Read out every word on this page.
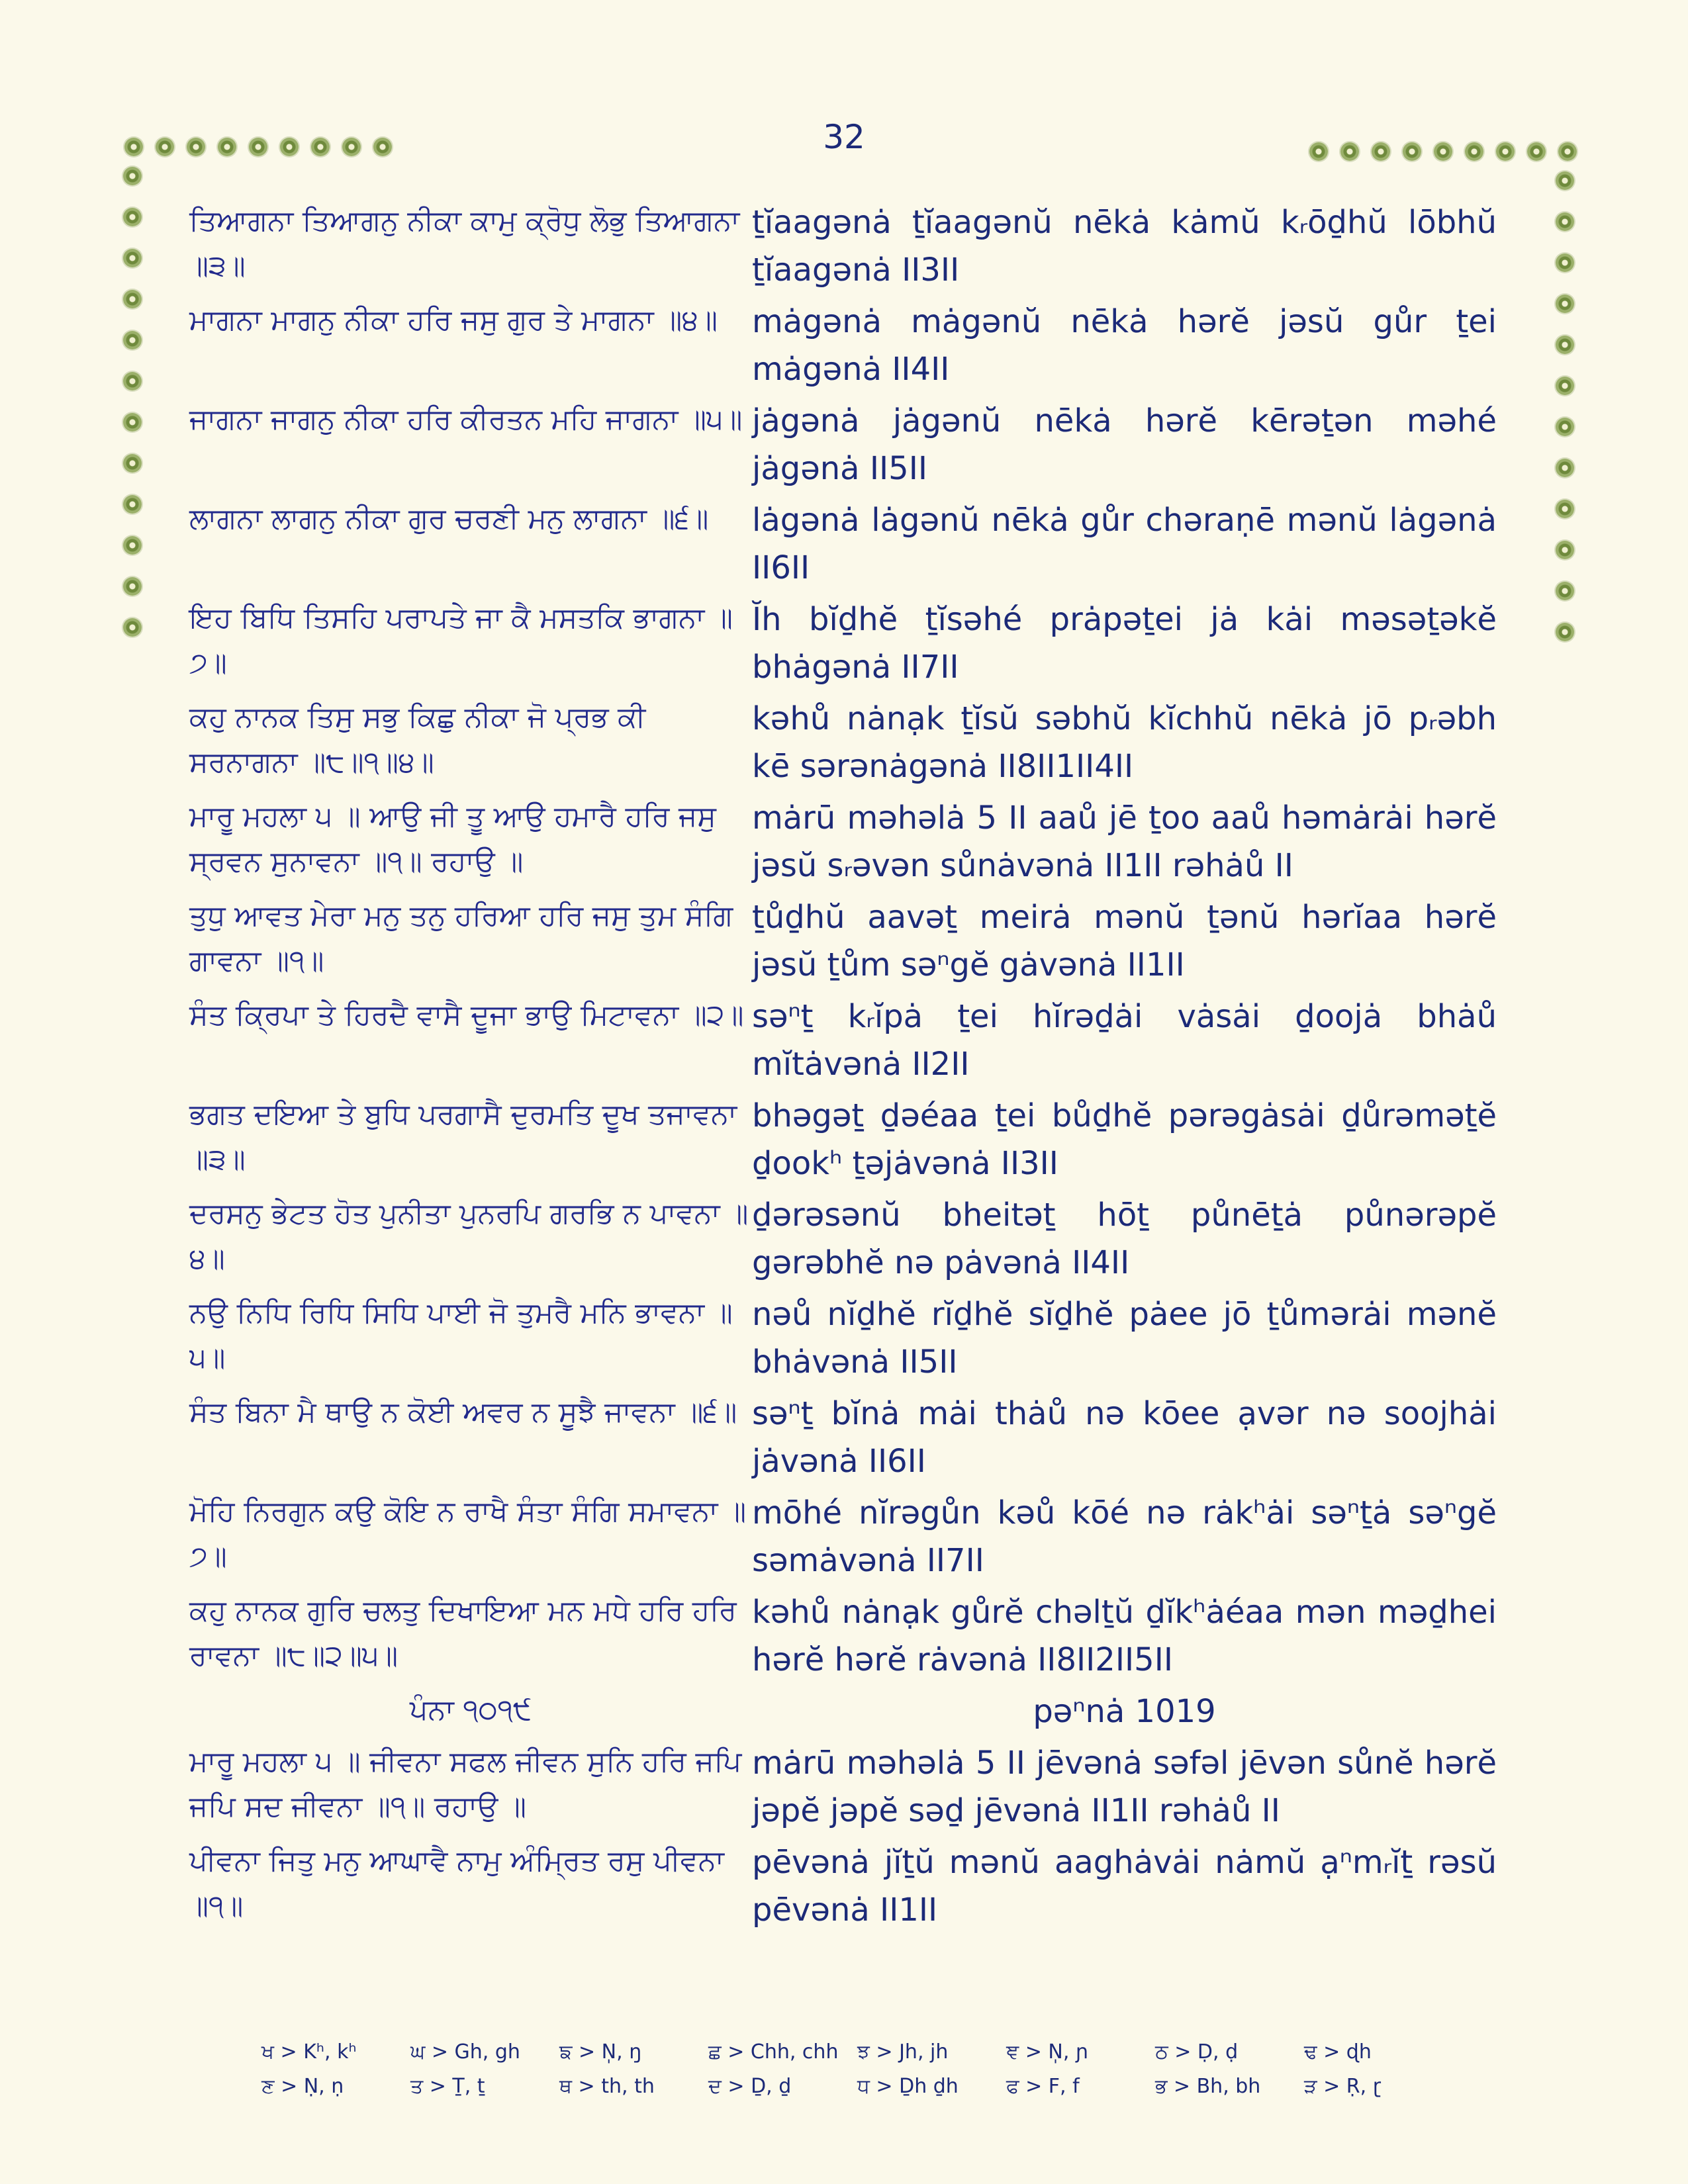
32
ਤਿਆਗਨਾ ਤਿਆਗਨੁ ਨੀਕਾ ਕਾਮੁ ਕ੍ਰੋਧੁ ਲੋਭੁ ਤਿਆਗਨਾ ॥੩॥
ṯĭaagənȧ ṯĭaagənŭ nēkȧ kȧmŭ kᵣōḏhŭ lōbhŭ ṯĭaagənȧ II3II
ਮਾਗਨਾ ਮਾਗਨੁ ਨੀਕਾ ਹਰਿ ਜਸੁ ਗੁਰ ਤੇ ਮਾਗਨਾ ॥੪॥	mȧgənȧ mȧgənŭ nēkȧ hərĕ jəsŭ gůr ṯei mȧgənȧ II4II
ਜਾਗਨਾ ਜਾਗਨੁ ਨੀਕਾ ਹਰਿ ਕੀਰਤਨ ਮਹਿ ਜਾਗਨਾ ॥੫॥ jȧgənȧ jȧgənŭ nēkȧ hərĕ kērəṯən məhé jȧgənȧ II5II
ਲਾਗਨਾ ਲਾਗਨੁ ਨੀਕਾ ਗੁਰ ਚਰਣੀ ਮਨੁ ਲਾਗਨਾ ॥੬॥	lȧgənȧ lȧgənŭ nēkȧ gůr chəraṇē mənŭ lȧgənȧ II6II
ਇਹ ਬਿਧਿ ਤਿਸਹਿ ਪਰਾਪਤੇ ਜਾ ਕੈ ਮਸਤਕਿ ਭਾਗਨਾ ॥੭॥
Ĭh bĭḏhĕ ṯĭsəhé prȧpəṯei jȧ kȧi məsəṯəkĕ bhȧgənȧ II7II
ਕਹੁ ਨਾਨਕ ਤਿਸੁ ਸਭੁ ਕਿਛੁ ਨੀਕਾ ਜੋ ਪ੍ਰਭ ਕੀ ਸਰਨਾਗਨਾ ॥੮॥੧॥੪॥
kəhů nȧnạk ṯĭsŭ səbhŭ kĭchhŭ nēkȧ jō pᵣəbh kē sərənȧgənȧ II8II1II4II
ਮਾਰੂ ਮਹਲਾ ੫ ॥ ਆਉ ਜੀ ਤੂ ਆਉ ਹਮਾਰੈ ਹਰਿ ਜਸੁ ਸ੍ਰਵਨ ਸੁਨਾਵਨਾ ॥੧॥ ਰਹਾਉ ॥
mȧrū məhəlȧ 5 II aaů jē ṯoo aaů həmȧrȧi hərĕ jəsŭ sᵣəvən sůnȧvənȧ II1II rəhȧů II
ਤੁਧੁ ਆਵਤ ਮੇਰਾ ਮਨੁ ਤਨੁ ਹਰਿਆ ਹਰਿ ਜਸੁ ਤੁਮ ਸੰਗਿ ਗਾਵਨਾ ॥੧॥
ṯůḏhŭ aavəṯ meirȧ mənŭ ṯənŭ hərĭaa hərĕ jəsŭ ṯům səⁿgĕ gȧvənȧ II1II
ਸੰਤ ਕ੍ਰਿਪਾ ਤੇ ਹਿਰਦੈ ਵਾਸੈ ਦੂਜਾ ਭਾਉ ਮਿਟਾਵਨਾ ॥੨॥ səⁿṯ kᵣĭpȧ ṯei hĭrəḏȧi vȧsȧi ḏoojȧ bhȧů mĭtȧvənȧ II2II
ਭਗਤ ਦਇਆ ਤੇ ਬੁਧਿ ਪਰਗਾਸੈ ਦੁਰਮਤਿ ਦੂਖ ਤਜਾਵਨਾ ॥੩॥
bhəgəṯ ḏəéaa ṯei bůḏhĕ pərəgȧsȧi ḏůrəməṯĕ ḏookʰ ṯəjȧvənȧ II3II
ਦਰਸਨੁ ਭੇਟਤ ਹੋਤ ਪੁਨੀਤਾ ਪੁਨਰਪਿ ਗਰਭਿ ਨ ਪਾਵਨਾ ॥੪॥
ḏərəsənŭ bheitəṯ hōṯ půnēṯȧ půnərəpĕ gərəbhĕ nə pȧvənȧ II4II
ਨਉ ਨਿਧਿ ਰਿਧਿ ਸਿਧਿ ਪਾਈ ਜੋ ਤੁਮਰੈ ਮਨਿ ਭਾਵਨਾ ॥੫॥
nəů nĭḏhĕ rĭḏhĕ sĭḏhĕ pȧee jō ṯůmərȧi mənĕ bhȧvənȧ II5II
ਸੰਤ ਬਿਨਾ ਮੈ ਥਾਉ ਨ ਕੋਈ ਅਵਰ ਨ ਸੂਝੈ ਜਾਵਨਾ ॥੬॥ səⁿṯ bĭnȧ mȧi thȧů nə kōee ạvər nə soojhȧi jȧvənȧ II6II
ਮੋਹਿ ਨਿਰਗੁਨ ਕਉ ਕੋਇ ਨ ਰਾਖੈ ਸੰਤਾ ਸੰਗਿ ਸਮਾਵਨਾ ॥੭॥
mōhé nĭrəgůn kəů kōé nə rȧkʰȧi səⁿṯȧ səⁿgĕ səmȧvənȧ II7II
ਕਹੁ ਨਾਨਕ ਗੁਰਿ ਚਲਤੁ ਦਿਖਾਇਆ ਮਨ ਮਧੇ ਹਰਿ ਹਰਿ ਰਾਵਨਾ ॥੮॥੨॥੫॥
kəhů nȧnạk gůrĕ chəlṯŭ ḏĭkʰȧéaa mən məḏhei hərĕ hərĕ rȧvənȧ II8II2II5II
ਪੰਨਾ ੧੦੧੯	pəⁿnȧ 1019
ਮਾਰੂ ਮਹਲਾ ੫ ॥ ਜੀਵਨਾ ਸਫਲ ਜੀਵਨ ਸੁਨਿ ਹਰਿ ਜਪਿ ਜਪਿ ਸਦ ਜੀਵਨਾ ॥੧॥ ਰਹਾਉ ॥
mȧrū məhəlȧ 5 II jēvənȧ səfəl jēvən sůnĕ hərĕ jəpĕ jəpĕ səḏ jēvənȧ II1II rəhȧů II
ਪੀਵਨਾ ਜਿਤੁ ਮਨੁ ਆਘਾਵੈ ਨਾਮੁ ਅੰਮ੍ਰਿਤ ਰਸੁ ਪੀਵਨਾ ॥੧॥
pēvənȧ jĭṯŭ mənŭ aaghȧvȧi nȧmŭ ạⁿmᵣĭṯ rəsŭ pēvənȧ II1II
ਖ > Kʰ, kʰ	ਘ > Gh, gh	ਙ > N̩, ŋ	ਛ > Chh, chh ਝ > Jh, jh	ਞ > N̩, ɲ	ਠ > Ḍ, ḍ	ਢ > ɖh
ਣ > Ṇ, ṇ	ਤ > Ṯ, ṯ	ਥ > th, th	ਦ > Ḏ, ḏ	ਧ > Ḏh ḏh	ਫ > F, f	ਭ > Bh, bh	ੜ > Ṛ, ɽ
